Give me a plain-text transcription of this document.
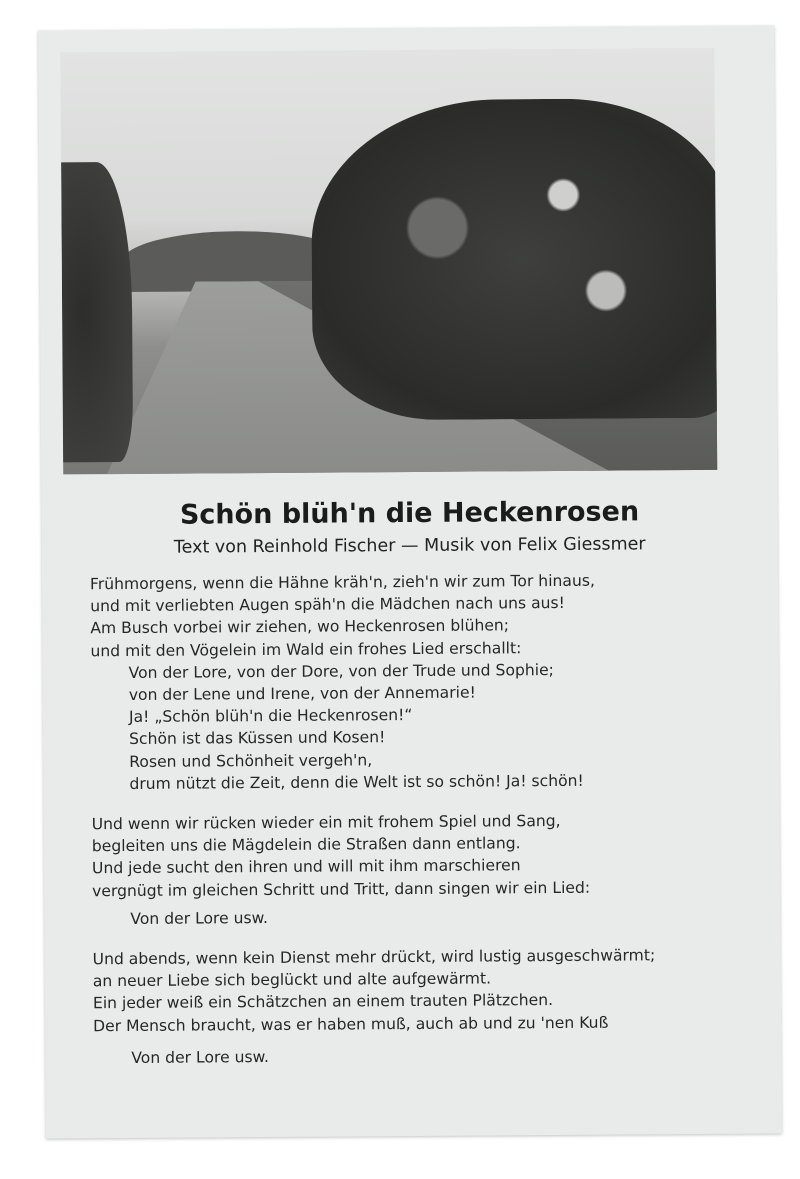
Schön blüh'n die Heckenrosen
Text von Reinhold Fischer — Musik von Felix Giessmer
Frühmorgens, wenn die Hähne kräh'n, zieh'n wir zum Tor hinaus,
und mit verliebten Augen späh'n die Mädchen nach uns aus!
Am Busch vorbei wir ziehen, wo Heckenrosen blühen;
und mit den Vögelein im Wald ein frohes Lied erschallt:
Von der Lore, von der Dore, von der Trude und Sophie;
von der Lene und Irene, von der Annemarie!
Ja! „Schön blüh'n die Heckenrosen!“
Schön ist das Küssen und Kosen!
Rosen und Schönheit vergeh'n,
drum nützt die Zeit, denn die Welt ist so schön! Ja! schön!
Und wenn wir rücken wieder ein mit frohem Spiel und Sang,
begleiten uns die Mägdelein die Straßen dann entlang.
Und jede sucht den ihren und will mit ihm marschieren
vergnügt im gleichen Schritt und Tritt, dann singen wir ein Lied:
Von der Lore usw.
Und abends, wenn kein Dienst mehr drückt, wird lustig ausgeschwärmt;
an neuer Liebe sich beglückt und alte aufgewärmt.
Ein jeder weiß ein Schätzchen an einem trauten Plätzchen.
Der Mensch braucht, was er haben muß, auch ab und zu 'nen Kuß
Von der Lore usw.
